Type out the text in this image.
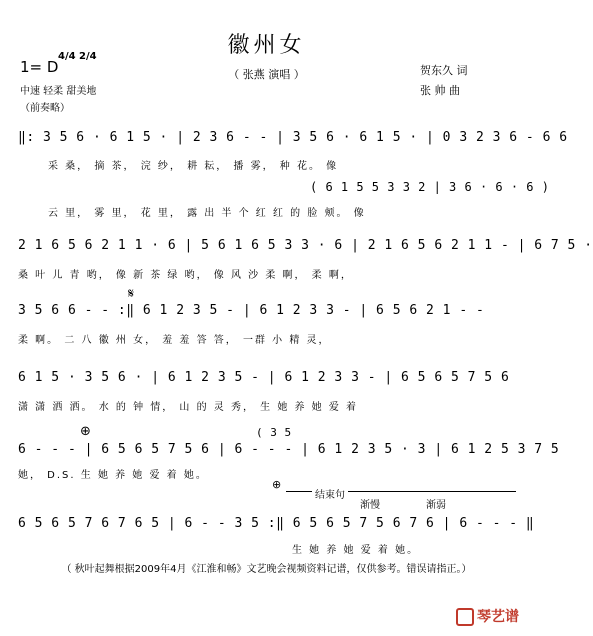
徽州女
（ 张燕 演唱 ）
1= D
4/4 2/4
中速 轻柔 甜美地
（前奏略）
贺东久 词
张 帅 曲
‖: 3 5 6 · 6 1 5 · | 2 3 6 - - | 3 5 6 · 6 1 5 · | 0 3 2 3 6 - 6 6
采 桑， 摘 茶， 浣 纱， 耕 耘， 播 雾， 种 花。 像
( 6 1 5 5 3 3 2 | 3 6 · 6 · 6 )
云 里， 雾 里， 花 里， 露 出 半 个 红 红 的 脸 颊。 像
2 1 6 5 6 2 1 1 · 6 | 5 6 1 6 5 3 3 · 6 | 2 1 6 5 6 2 1 1 - | 6 7 5 ·
桑 叶 儿 青 哟， 像 新 茶 绿 哟， 像 风 沙 柔 啊， 柔 啊，
𝄋
3 5 6 6 - - :‖ 6 1 2 3 5 - | 6 1 2 3 3 - | 6 5 6 2 1 - -
柔 啊。 二 八 徽 州 女， 羞 羞 答 答， 一群 小 精 灵，
6 1 5 · 3 5 6 · | 6 1 2 3 5 - | 6 1 2 3 3 - | 6 5 6 5 7 5 6
潇 潇 洒 洒。 水 的 钟 情， 山 的 灵 秀， 生 她 养 她 爱 着
⊕	( 3 5
6 - - - | 6 5 6 5 7 5 6 | 6 - - - | 6 1 2 3 5 · 3 | 6 1 2 5 3 7 5
她， D.S. 生 她 养 她 爱 着 她。
⊕
结束句
渐慢	渐弱
6 5 6 5 7 6 7 6 5 | 6 - - 3 5 :‖ 6 5 6 5 7 5 6 7 6 | 6 - - - ‖
生 她 养 她 爱 着 她。
（ 秋叶起舞根据2009年4月《江淮和畅》文艺晚会视频资料记谱，仅供参考。错误请指正。）
琴艺谱
